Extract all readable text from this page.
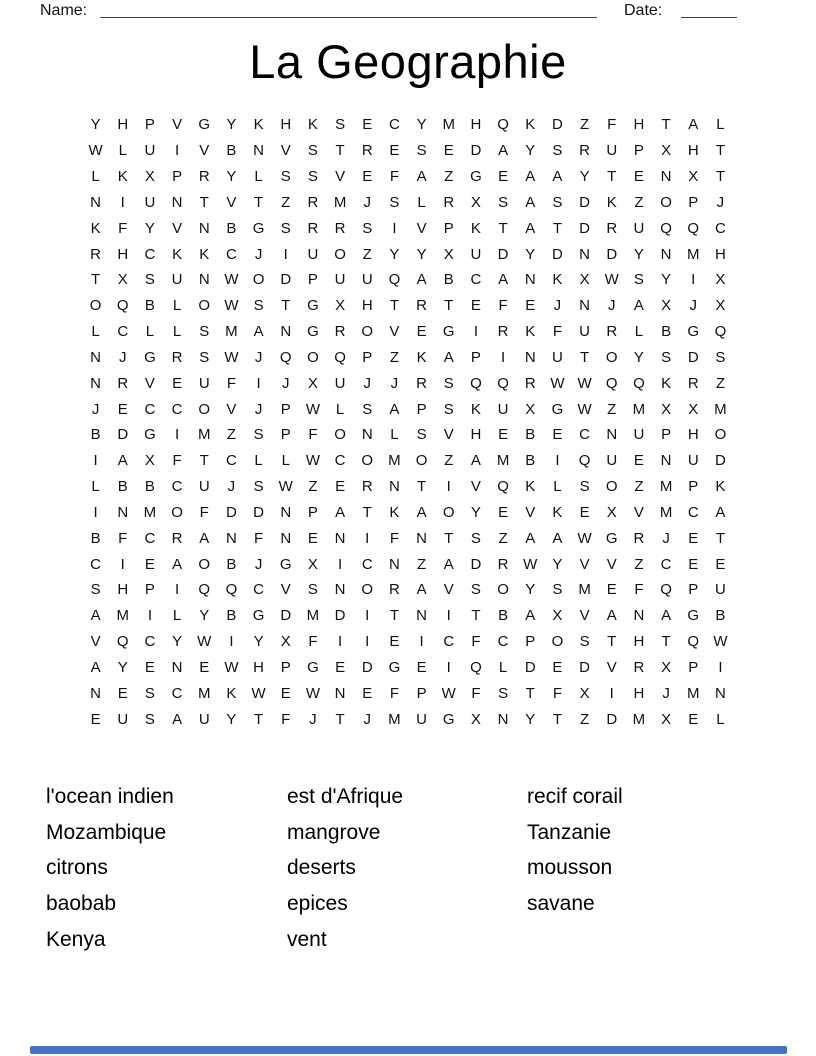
Name:	Date:
La Geographie
Y H P V G Y K H K S E C Y M H Q K D Z F H T A L
W L U I V B N V S T R E S E D A Y S R U P X H T
L K X P R Y L S S V E F A Z G E A A Y T E N X T
N I U N T V T Z R M J S L R X S A S D K Z O P J
K F Y V N B G S R R S I V P K T A T D R U Q Q C
R H C K K C J I U O Z Y Y X U D Y D N D Y N M H
T X S U N W O D P U U Q A B C A N K X W S Y I X
O Q B L O W S T G X H T R T E F E J N J A X J X
L C L L S M A N G R O V E G I R K F U R L B G Q
N J G R S W J Q O Q P Z K A P I N U T O Y S D S
N R V E U F I J X U J J R S Q Q R W W Q Q K R Z
J E C C O V J P W L S A P S K U X G W Z M X X M
B D G I M Z S P F O N L S V H E B E C N U P H O
I A X F T C L L W C O M O Z A M B I Q U E N U D
L B B C U J S W Z E R N T I V Q K L S O Z M P K
I N M O F D D N P A T K A O Y E V K E X V M C A
B F C R A N F N E N I F N T S Z A A W G R J E T
C I E A O B J G X I C N Z A D R W Y V V Z C E E
S H P I Q Q C V S N O R A V S O Y S M E F Q P U
A M I L Y B G D M D I T N I T B A X V A N A G B
V Q C Y W I Y X F I I E I C F C P O S T H T Q W
A Y E N E W H P G E D G E I Q L D E D V R X P I
N E S C M K W E W N E F P W F S T F X I H J M N
E U S A U Y T F J T J M U G X N Y T Z D M X E L
l'ocean indien
Mozambique
citrons
baobab
Kenya
est d'Afrique
mangrove
deserts
epices
vent
recif corail
Tanzanie
mousson
savane
